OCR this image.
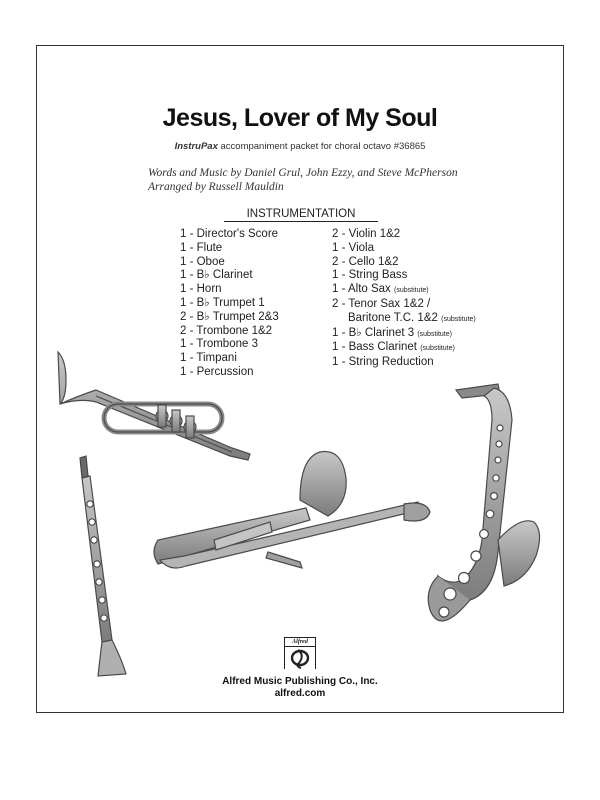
Jesus, Lover of My Soul
InstruPax accompaniment packet for choral octavo #36865
Words and Music by Daniel Grul, John Ezzy, and Steve McPherson
Arranged by Russell Mauldin
INSTRUMENTATION
1 - Director's Score
1 - Flute
1 - Oboe
1 - B♭ Clarinet
1 - Horn
1 - B♭ Trumpet 1
2 - B♭ Trumpet 2&3
2 - Trombone 1&2
1 - Trombone 3
1 - Timpani
1 - Percussion
2 - Violin 1&2
1 - Viola
2 - Cello 1&2
1 - String Bass
1 - Alto Sax (substitute)
2 - Tenor Sax 1&2 /
Baritone T.C. 1&2 (substitute)
1 - B♭ Clarinet 3 (substitute)
1 - Bass Clarinet (substitute)
1 - String Reduction
Alfred
Alfred Music Publishing Co., Inc.
alfred.com
